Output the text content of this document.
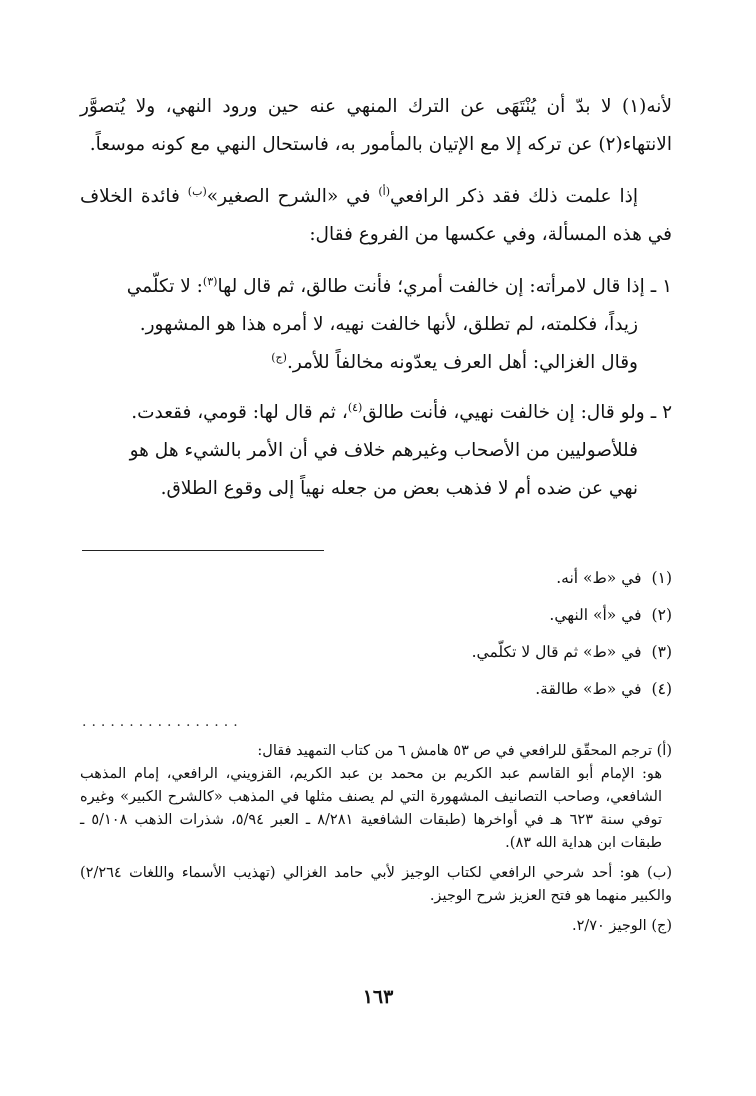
لأنه(١) لا بدّ أن يُنْتَهَى عن الترك المنهي عنه حين ورود النهي، ولا يُتصوَّر الانتهاء(٢) عن تركه إلا مع الإتيان بالمأمور به، فاستحال النهي مع كونه موسعاً.

إذا علمت ذلك فقد ذكر الرافعي$^{(أ)}$ في «الشرح الصغير»$^{(ب)}$ فائدة الخلاف في هذه المسألة، وفي عكسها من الفروع فقال:

١ ـإذا قال لامرأته: إن خالفت أمري؛ فأنت طالق، ثم قال لها$^{(٣)}$: لا تكلّمي
زيداً، فكلمته، لم تطلق، لأنها خالفت نهيه، لا أمره هذا هو المشهور.
وقال الغزالي: أهل العرف يعدّونه مخالفاً للأمر.$^{(ج)}$
٢ ـولو قال: إن خالفت نهيي، فأنت طالق$^{(٤)}$، ثم قال لها: قومي، فقعدت.
فللأصوليين من الأصحاب وغيرهم خلاف في أن الأمر بالشيء هل هو
نهي عن ضده أم لا فذهب بعض من جعله نهياً إلى وقوع الطلاق.
(١)في «ط» أنه.
(٢)في «أ» النهي.
(٣)في «ط» ثم قال لا تكلّمي.
(٤)في «ط» طالقة.
.................
(أ) ترجم المحقّق للرافعي في ص ٥٣ هامش ٦ من كتاب التمهيد فقال:
هو: الإمام أبو القاسم عبد الكريم بن محمد بن عبد الكريم، القزويني، الرافعي، إمام المذهب الشافعي، وصاحب التصانيف المشهورة التي لم يصنف مثلها في المذهب «كالشرح الكبير» وغيره توفي سنة ٦٢٣ هـ في أواخرها (طبقات الشافعية ٨/٢٨١ ـ العبر ٥/٩٤، شذرات الذهب ٥/١٠٨ ـ طبقات ابن هداية الله ٨٣).
(ب) هو: أحد شرحي الرافعي لكتاب الوجيز لأبي حامد الغزالي (تهذيب الأسماء واللغات ٢/٢٦٤) والكبير منهما هو فتح العزيز شرح الوجيز.
(ج) الوجيز ٢/٧٠.
١٦٣
